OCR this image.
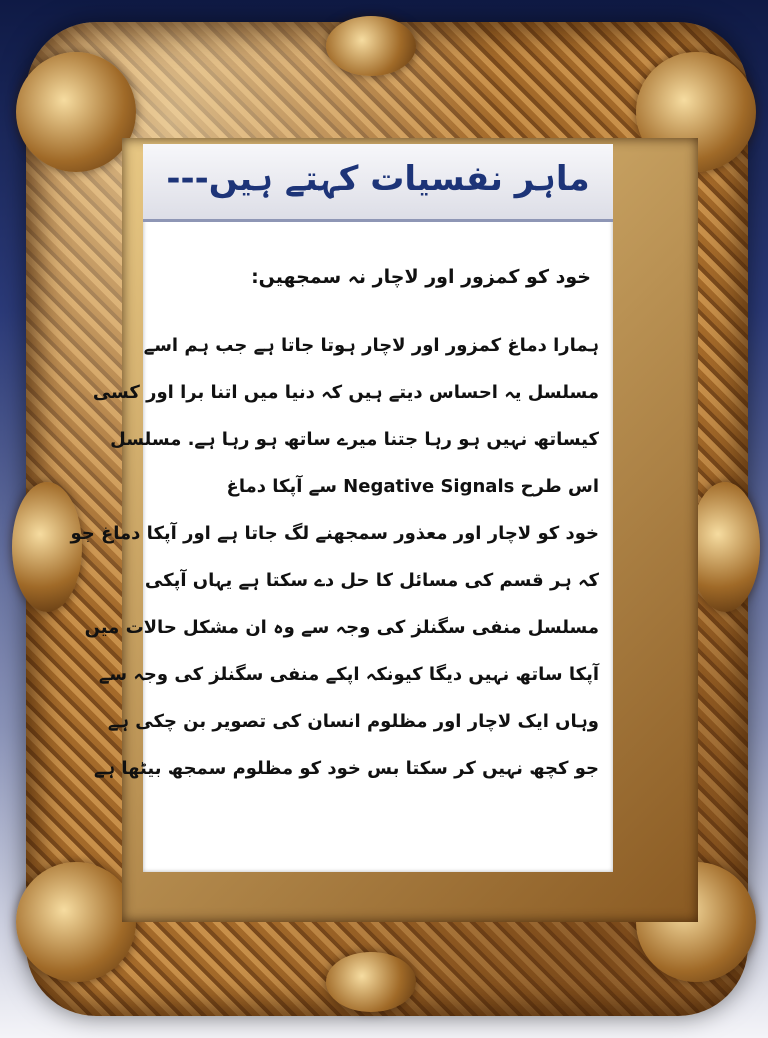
ماہر نفسیات کہتے ہیں---

خود کو کمزور اور لاچار نہ سمجھیں:

ہمارا دماغ کمزور اور لاچار ہوتا جاتا ہے جب ہم اسے
مسلسل یہ احساس دیتے ہیں کہ دنیا میں اتنا برا اور کسی
کیساتھ نہیں ہو رہا جتنا میرے ساتھ ہو رہا ہے. مسلسل
اس طرح Negative Signals سے آپکا دماغ
خود کو لاچار اور معذور سمجھنے لگ جاتا ہے اور آپکا دماغ جو
کہ ہر قسم کی مسائل کا حل دے سکتا ہے یہاں آپکی
مسلسل منفی سگنلز کی وجہ سے وہ ان مشکل حالات میں
آپکا ساتھ نہیں دیگا کیونکہ اپکے منفی سگنلز کی وجہ سے
وہاں ایک لاچار اور مظلوم انسان کی تصویر بن چکی ہے
جو کچھ نہیں کر سکتا بس خود کو مظلوم سمجھ بیٹھا ہے
